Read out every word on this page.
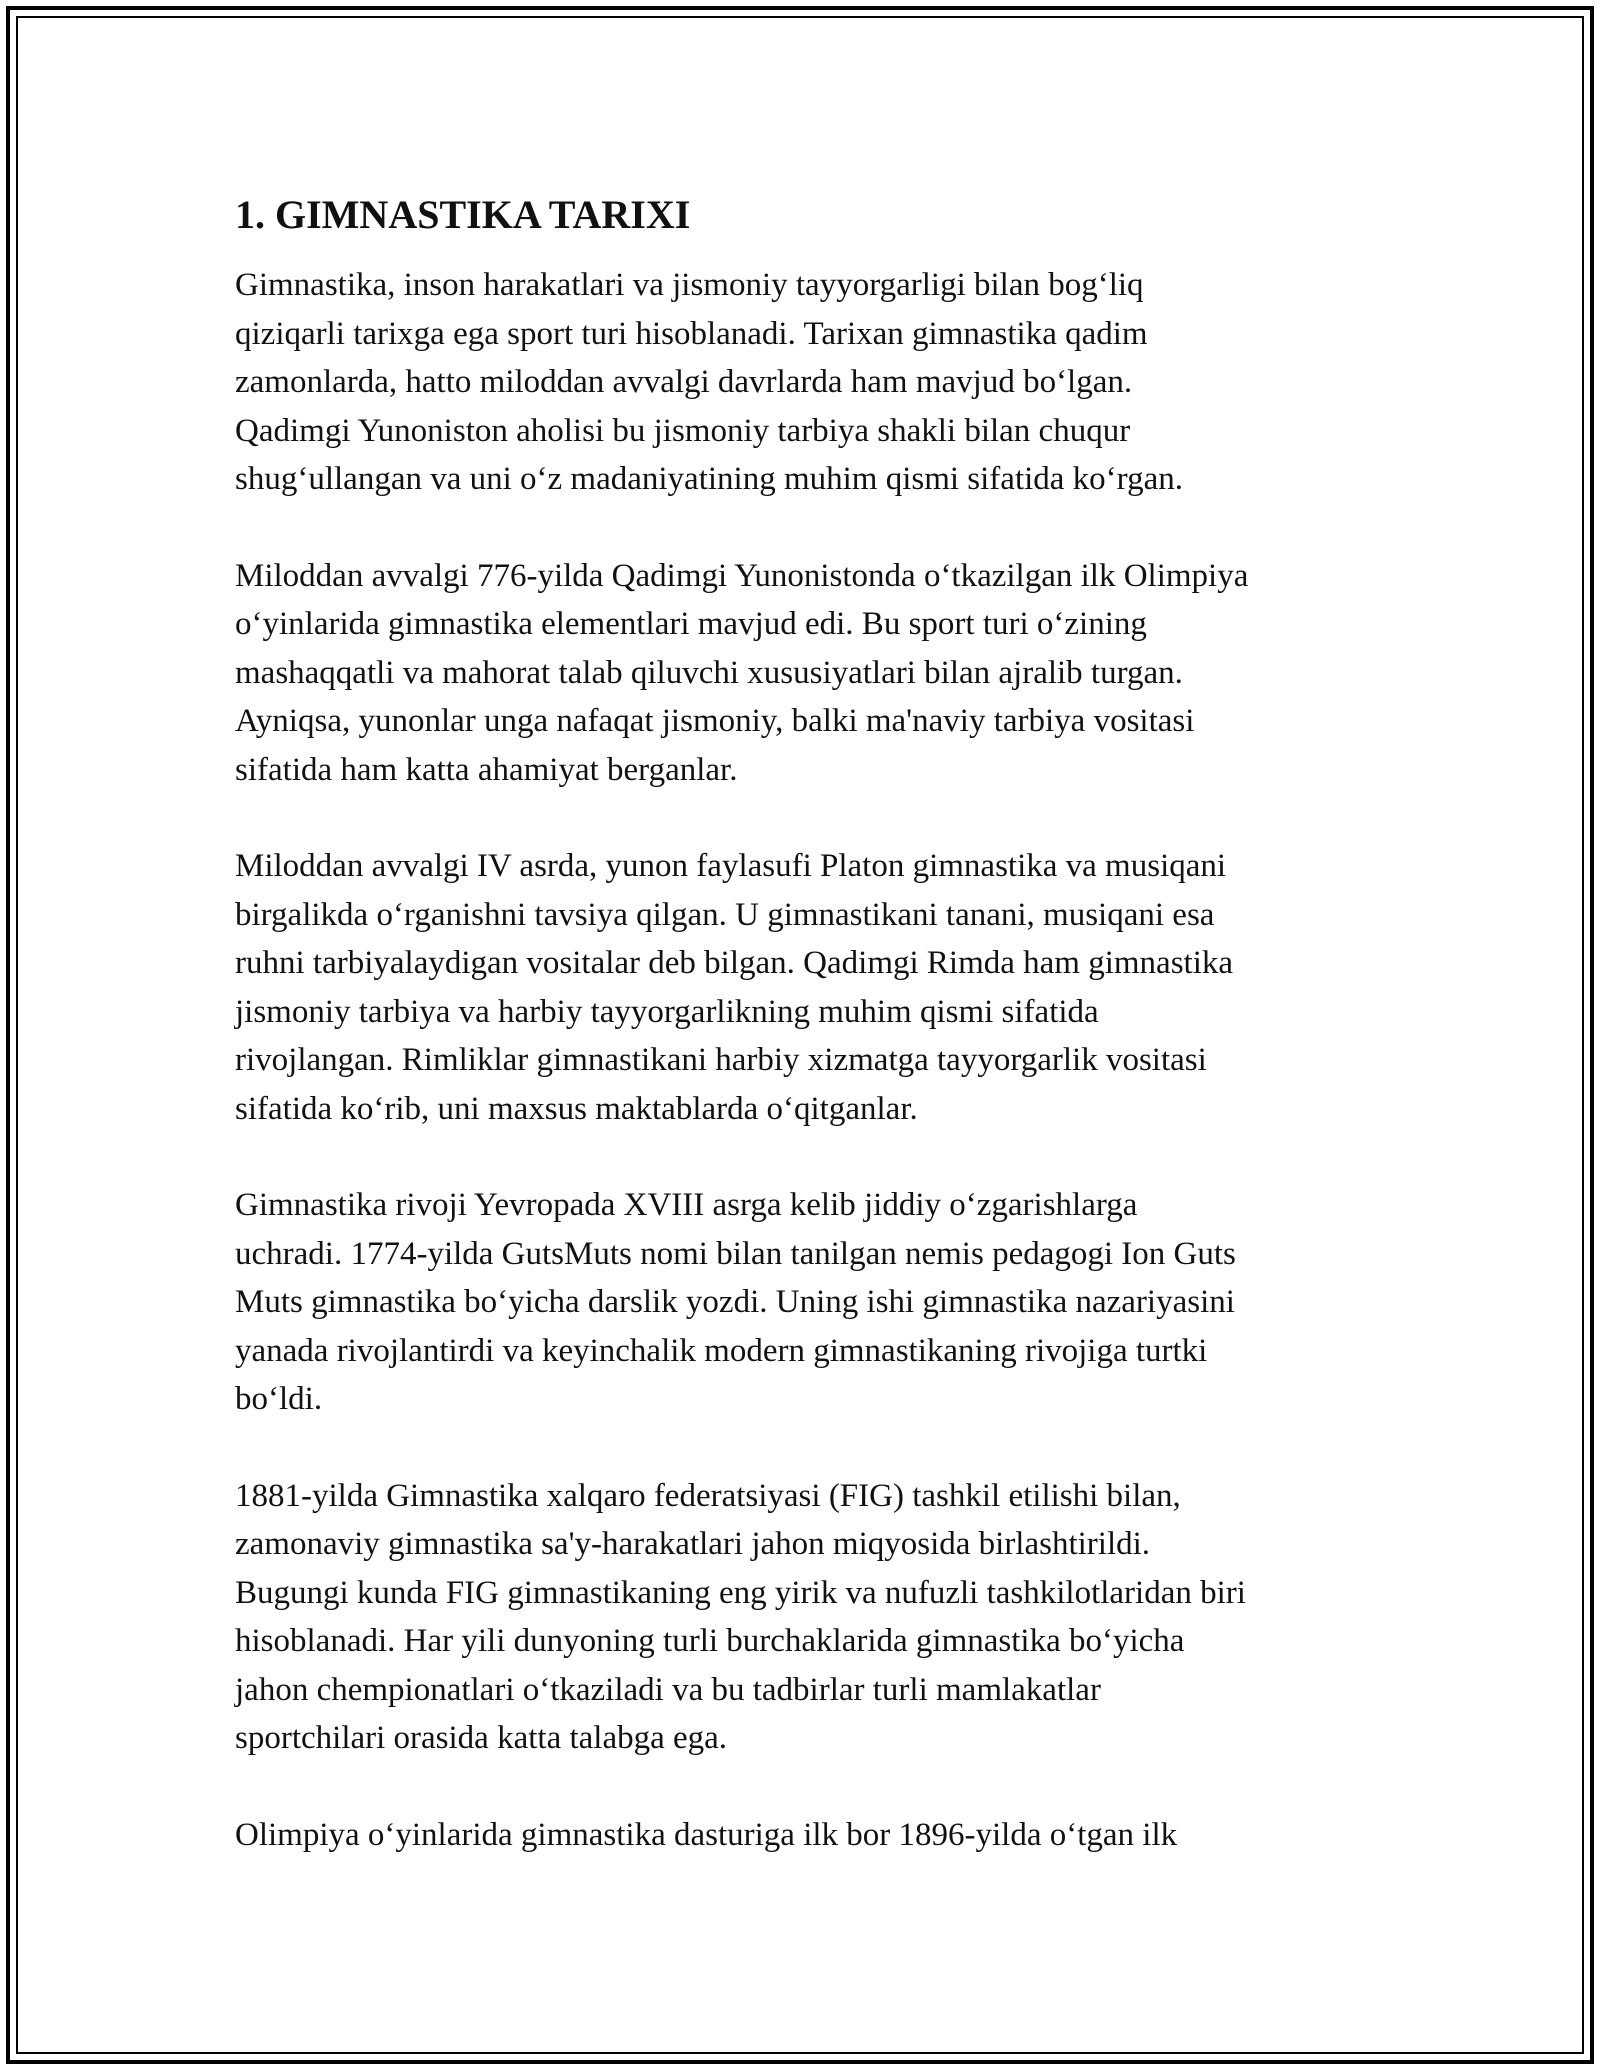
1. GIMNASTIKA TARIXI

Gimnastika, inson harakatlari va jismoniy tayyorgarligi bilan bog‘liq
qiziqarli tarixga ega sport turi hisoblanadi. Tarixan gimnastika qadim
zamonlarda, hatto miloddan avvalgi davrlarda ham mavjud bo‘lgan.
Qadimgi Yunoniston aholisi bu jismoniy tarbiya shakli bilan chuqur
shug‘ullangan va uni o‘z madaniyatining muhim qismi sifatida ko‘rgan.

Miloddan avvalgi 776-yilda Qadimgi Yunonistonda o‘tkazilgan ilk Olimpiya
o‘yinlarida gimnastika elementlari mavjud edi. Bu sport turi o‘zining
mashaqqatli va mahorat talab qiluvchi xususiyatlari bilan ajralib turgan.
Ayniqsa, yunonlar unga nafaqat jismoniy, balki ma'naviy tarbiya vositasi
sifatida ham katta ahamiyat berganlar.

Miloddan avvalgi IV asrda, yunon faylasufi Platon gimnastika va musiqani
birgalikda o‘rganishni tavsiya qilgan. U gimnastikani tanani, musiqani esa
ruhni tarbiyalaydigan vositalar deb bilgan. Qadimgi Rimda ham gimnastika
jismoniy tarbiya va harbiy tayyorgarlikning muhim qismi sifatida
rivojlangan. Rimliklar gimnastikani harbiy xizmatga tayyorgarlik vositasi
sifatida ko‘rib, uni maxsus maktablarda o‘qitganlar.

Gimnastika rivoji Yevropada XVIII asrga kelib jiddiy o‘zgarishlarga
uchradi. 1774-yilda GutsMuts nomi bilan tanilgan nemis pedagogi Ion Guts
Muts gimnastika bo‘yicha darslik yozdi. Uning ishi gimnastika nazariyasini
yanada rivojlantirdi va keyinchalik modern gimnastikaning rivojiga turtki
bo‘ldi.

1881-yilda Gimnastika xalqaro federatsiyasi (FIG) tashkil etilishi bilan,
zamonaviy gimnastika sa'y-harakatlari jahon miqyosida birlashtirildi.
Bugungi kunda FIG gimnastikaning eng yirik va nufuzli tashkilotlaridan biri
hisoblanadi. Har yili dunyoning turli burchaklarida gimnastika bo‘yicha
jahon chempionatlari o‘tkaziladi va bu tadbirlar turli mamlakatlar
sportchilari orasida katta talabga ega.

Olimpiya o‘yinlarida gimnastika dasturiga ilk bor 1896-yilda o‘tgan ilk
